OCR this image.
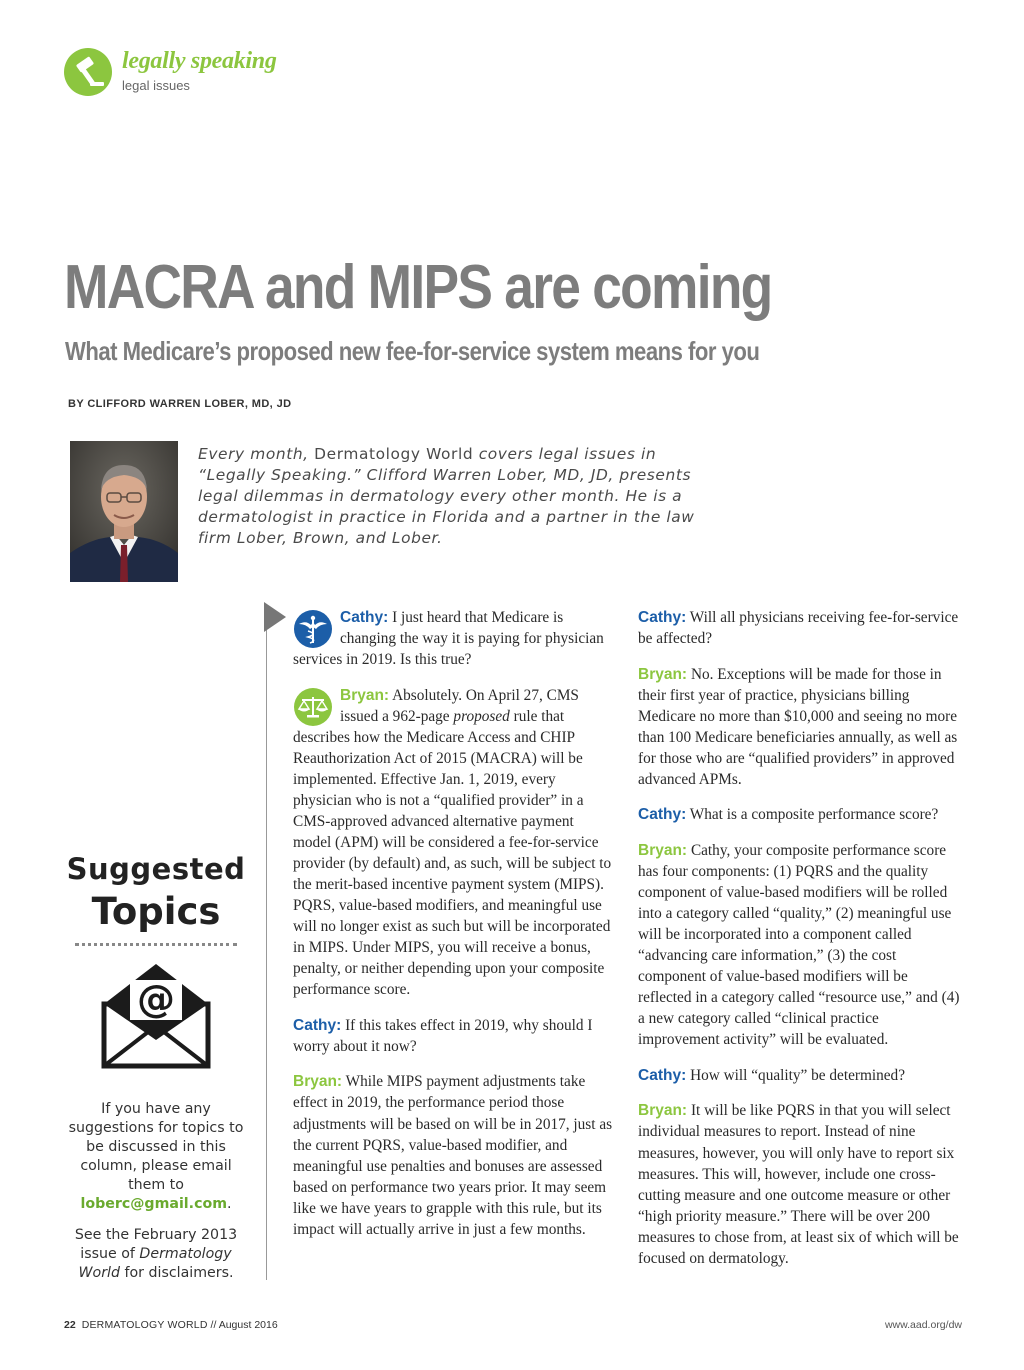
legally speaking
legal issues
MACRA and MIPS are coming
What Medicare’s proposed new fee-for-service system means for you
BY CLIFFORD WARREN LOBER, MD, JD
Every month, Dermatology World covers legal issues in “Legally Speaking.” Clifford Warren Lober, MD, JD, presents legal dilemmas in dermatology every other month. He is a dermatologist in practice in Florida and a partner in the law firm Lober, Brown, and Lober.
Suggested
Topics
@
If you have any suggestions for topics to be discussed in this column, please email them to loberc@gmail.com.
See the February 2013 issue of Dermatology World for disclaimers.

Cathy: I just heard that Medicare is changing the way it is paying for physician services in 2019. Is this true?

Bryan: Absolutely. On April 27, CMS issued a 962-page proposed rule that describes how the Medicare Access and CHIP Reauthorization Act of 2015 (MACRA) will be implemented. Effective Jan. 1, 2019, every physician who is not a “qualified provider” in a CMS-approved advanced alternative payment model (APM) will be considered a fee-for-service provider (by default) and, as such, will be subject to the merit-based incentive payment system (MIPS). PQRS, value-based modifiers, and meaningful use will no longer exist as such but will be incorporated in MIPS. Under MIPS, you will receive a bonus, penalty, or neither depending upon your composite performance score.

Cathy: If this takes effect in 2019, why should I worry about it now?

Bryan: While MIPS payment adjustments take effect in 2019, the performance period those adjustments will be based on will be in 2017, just as the current PQRS, value-based modifier, and meaningful use penalties and bonuses are assessed based on performance two years prior. It may seem like we have years to grapple with this rule, but its impact will actually arrive in just a few months.

Cathy: Will all physicians receiving fee-for-service be affected?

Bryan: No. Exceptions will be made for those in their first year of practice, physicians billing Medicare no more than $10,000 and seeing no more than 100 Medicare beneficiaries annually, as well as for those who are “qualified providers” in approved advanced APMs.

Cathy: What is a composite performance score?

Bryan: Cathy, your composite performance score has four components: (1) PQRS and the quality component of value-based modifiers will be rolled into a category called “quality,” (2) meaningful use will be incorporated into a component called “advancing care information,” (3) the cost component of value-based modifiers will be reflected in a category called “resource use,” and (4) a new category called “clinical practice improvement activity” will be evaluated.

Cathy: How will “quality” be determined?

Bryan: It will be like PQRS in that you will select individual measures to report. Instead of nine measures, however, you will only have to report six measures. This will, however, include one cross-cutting measure and one outcome measure or other “high priority measure.” There will be over 200 measures to chose from, at least six of which will be focused on dermatology.

22 DERMATOLOGY WORLD // August 2016	www.aad.org/dw
